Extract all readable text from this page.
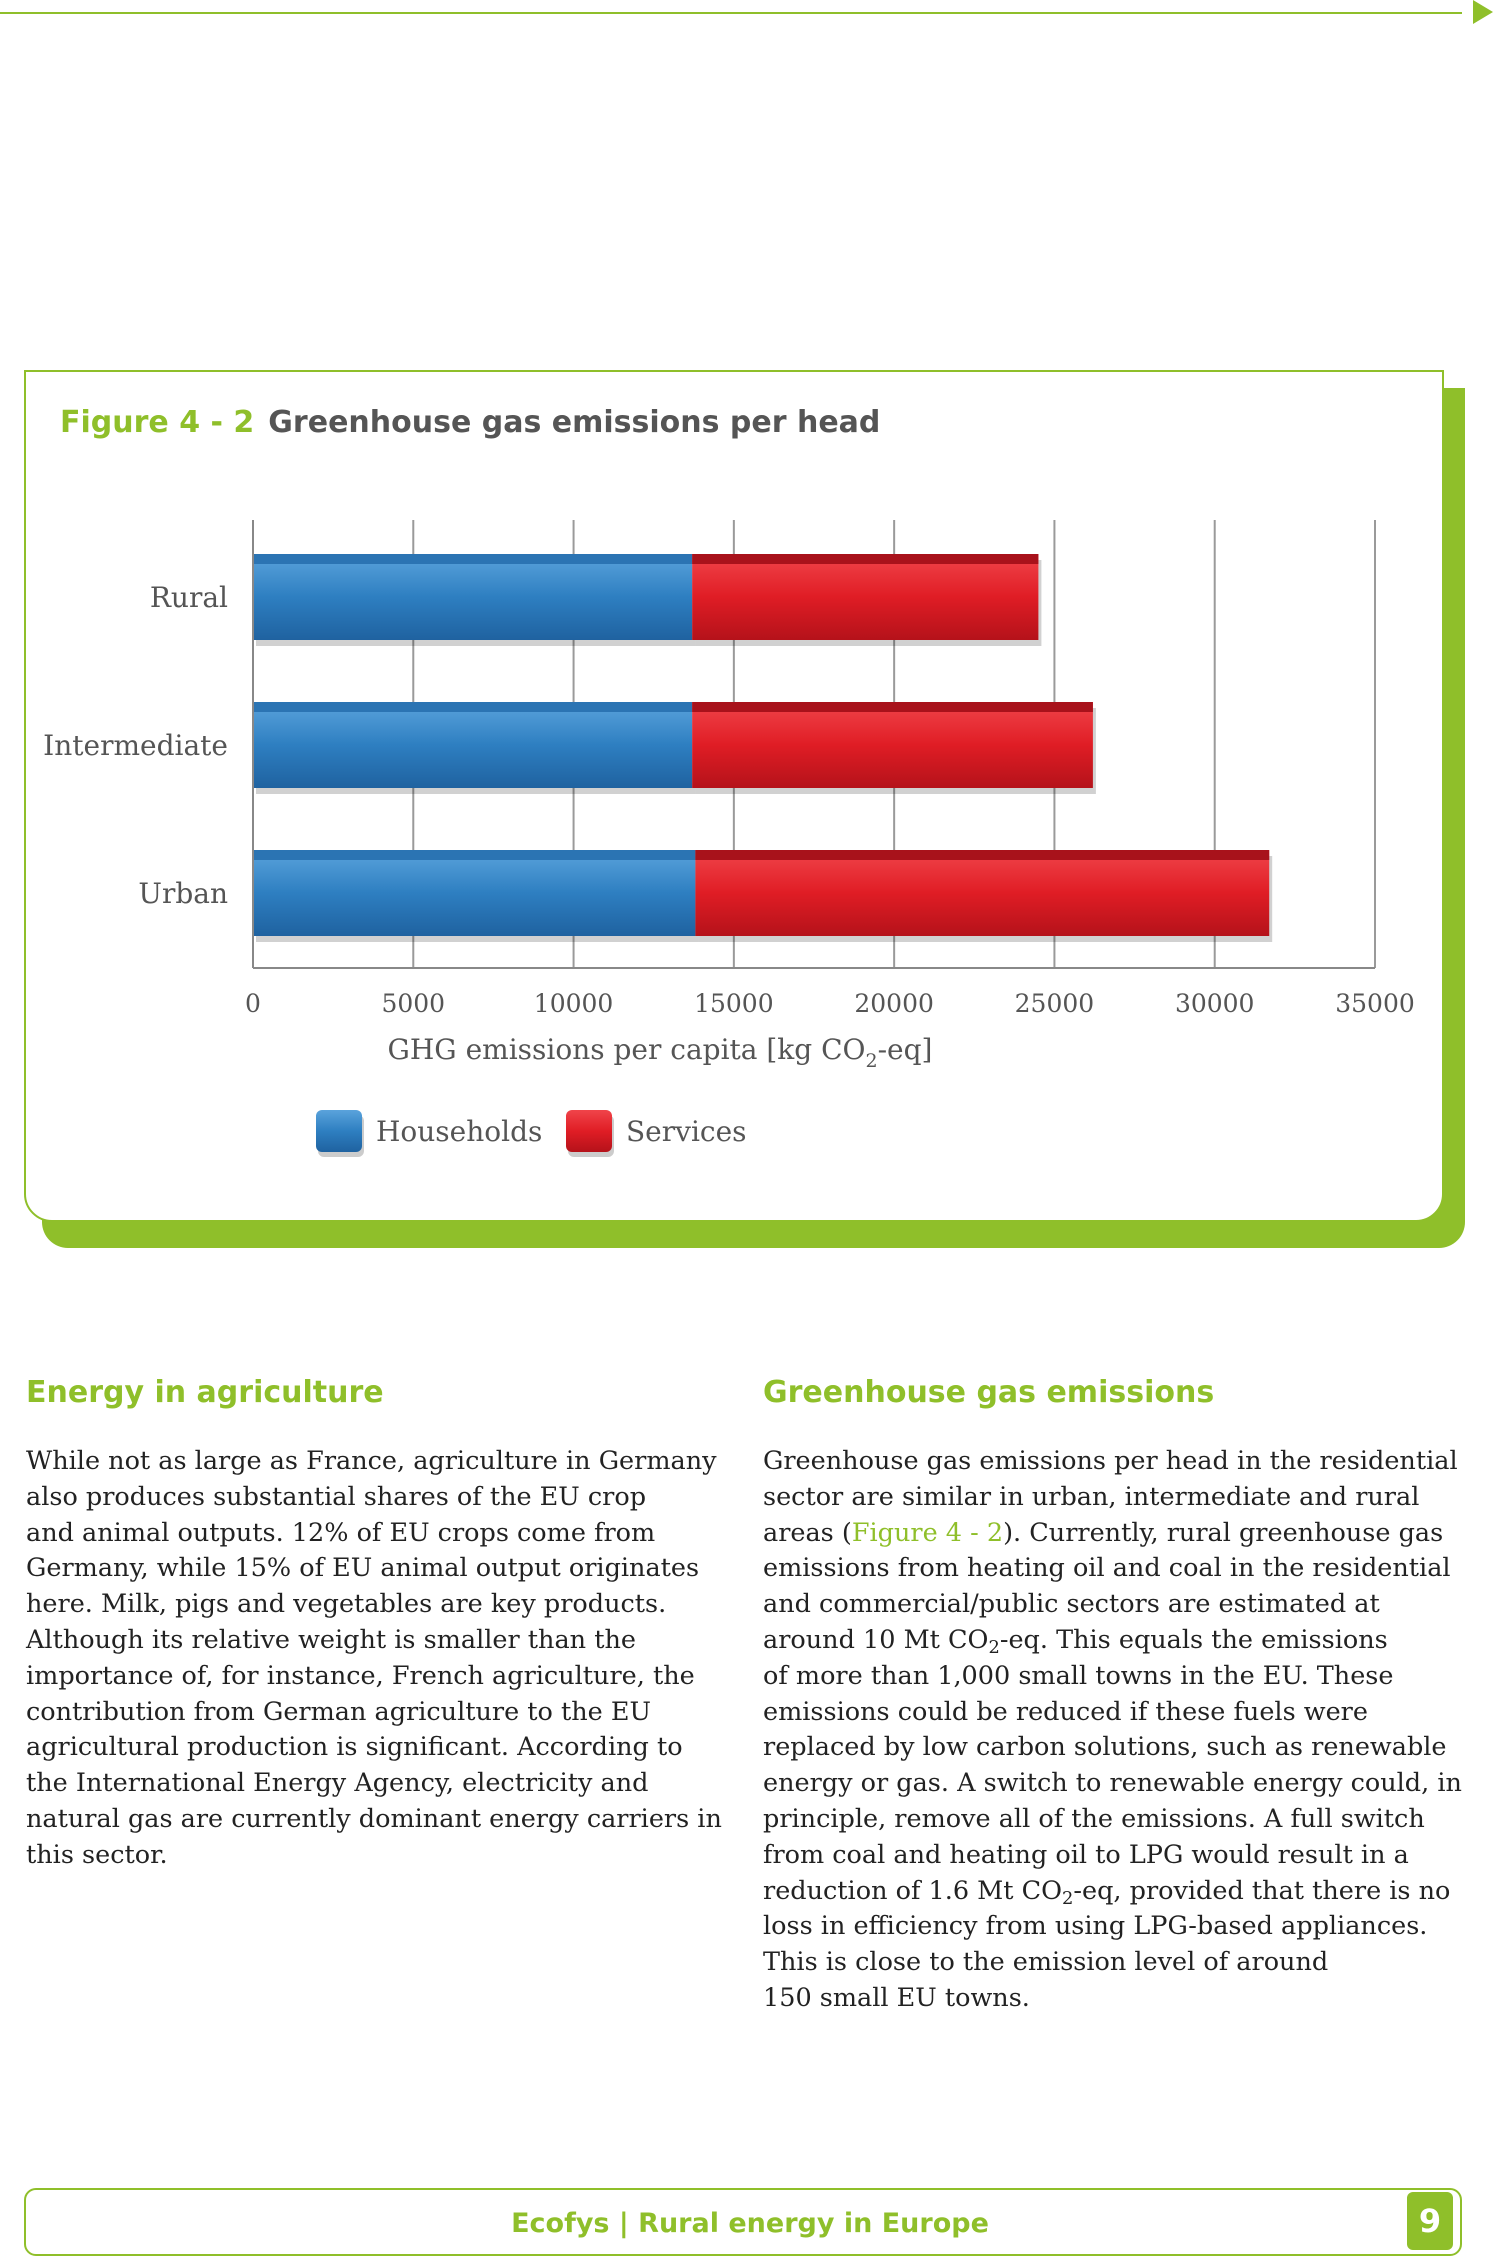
Figure 4 - 2 Greenhouse gas emissions per head
Rural
Intermediate
Urban
0	5000	10000	15000	20000	25000	30000	35000
GHG emissions per capita [kg $CO_2-eq$]
Households	Services
Energy in agriculture

While not as large as France, agriculture in Germany
also produces substantial shares of the EU crop
and animal outputs. 12% of EU crops come from
Germany, while 15% of EU animal output originates
here. Milk, pigs and vegetables are key products.
Although its relative weight is smaller than the
importance of, for instance, French agriculture, the
contribution from German agriculture to the EU
agricultural production is significant. According to
the International Energy Agency, electricity and
natural gas are currently dominant energy carriers in
this sector.

Greenhouse gas emissions

Greenhouse gas emissions per head in the residential
sector are similar in urban, intermediate and rural
areas (Figure 4 - 2). Currently, rural greenhouse gas
emissions from heating oil and coal in the residential
and commercial/public sectors are estimated at
around 10 Mt $CO_2-eq$. This equals the emissions
of more than 1,000 small towns in the EU. These
emissions could be reduced if these fuels were
replaced by low carbon solutions, such as renewable
energy or gas. A switch to renewable energy could, in
principle, remove all of the emissions. A full switch
from coal and heating oil to LPG would result in a
reduction of 1.6 Mt $CO_2-eq$, provided that there is no
loss in efficiency from using LPG-based appliances.
This is close to the emission level of around
150 small EU towns.

Ecofys | Rural energy in Europe	9
